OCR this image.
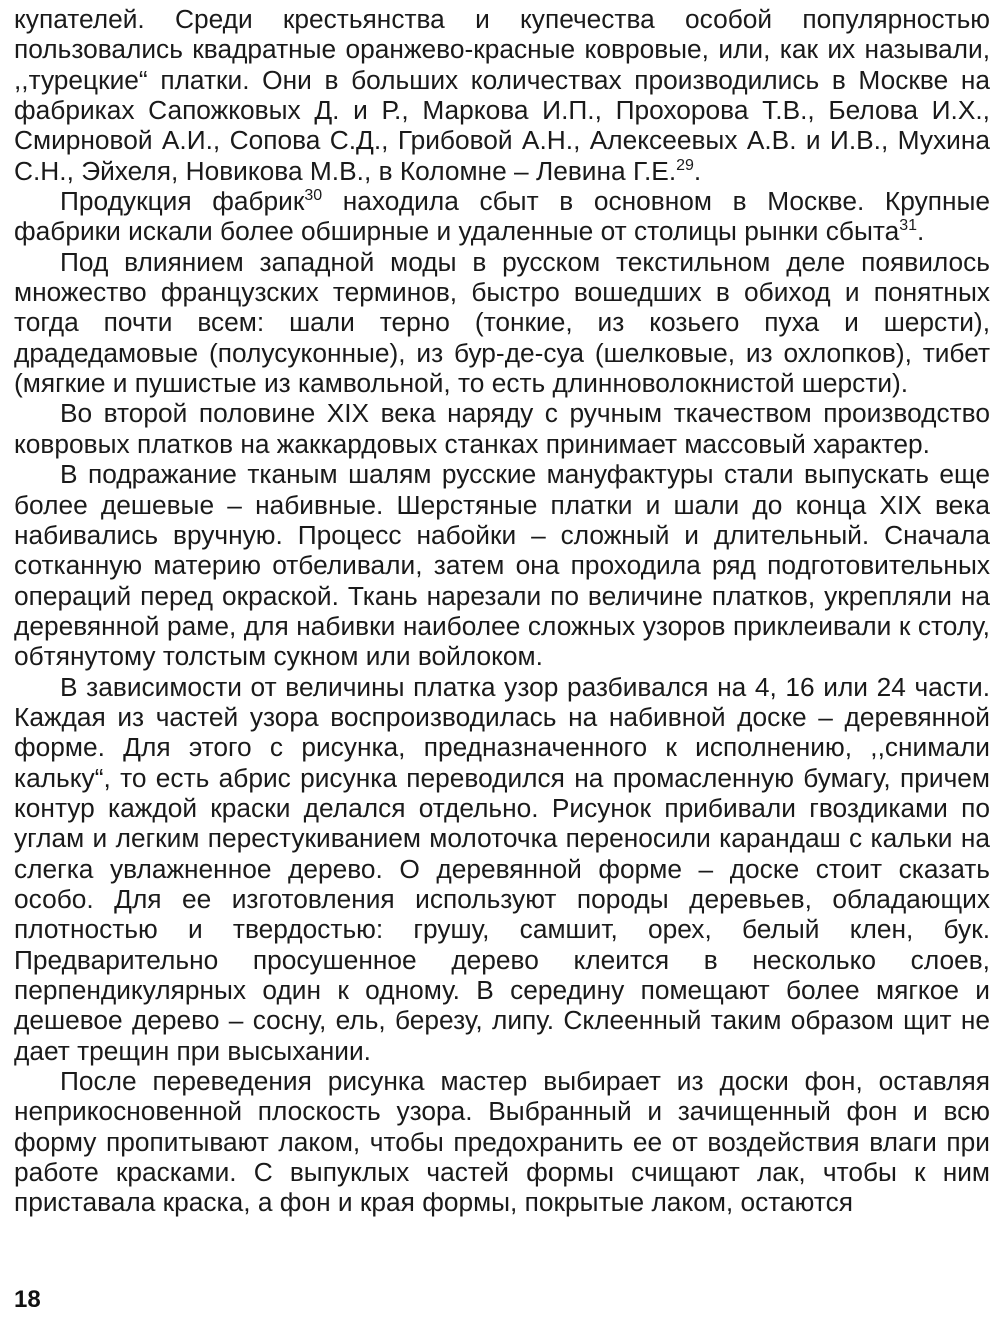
купателей. Среди крестьянства и купечества особой популярностью пользовались квадратные оранжево-красные ковровые, или, как их называли, ,,турецкие“ платки. Они в больших количествах производились в Москве на фабриках Сапожковых Д. и Р., Маркова И.П., Прохорова Т.В., Белова И.Х., Смирновой А.И., Сопова С.Д., Грибовой А.Н., Алексеевых А.В. и И.В., Мухина С.Н., Эйхеля, Новикова М.В., в Коломне – Левина Г.Е.$^{29}$.

Продукция фабрик$^{30}$ находила сбыт в основном в Москве. Крупные фабрики искали более обширные и удаленные от столицы рынки сбыта$^{31}$.

Под влиянием западной моды в русском текстильном деле появилось множество французских терминов, быстро вошедших в обиход и понятных тогда почти всем: шали терно (тонкие, из козьего пуха и шерсти), драдедамовые (полусуконные), из бур-де-суа (шелковые, из охлопков), тибет (мягкие и пушистые из камвольной, то есть длинноволокнистой шерсти).

Во второй половине XIX века наряду с ручным ткачеством производство ковровых платков на жаккардовых станках принимает массовый характер.

В подражание тканым шалям русские мануфактуры стали выпускать еще более дешевые – набивные. Шерстяные платки и шали до конца XIX века набивались вручную. Процесс набойки – сложный и длительный. Сначала сотканную материю отбеливали, затем она проходила ряд подготовительных операций перед окраской. Ткань нарезали по величине платков, укрепляли на деревянной раме, для набивки наиболее сложных узоров приклеивали к столу, обтянутому толстым сукном или войлоком.

В зависимости от величины платка узор разбивался на 4, 16 или 24 части. Каждая из частей узора воспроизводилась на набивной доске – деревянной форме. Для этого с рисунка, предназначенного к исполнению, ,,снимали кальку“, то есть абрис рисунка переводился на промасленную бумагу, причем контур каждой краски делался отдельно. Рисунок прибивали гвоздиками по углам и легким перестукиванием молоточка переносили карандаш с кальки на слегка увлажненное дерево. О деревянной форме – доске стоит сказать особо. Для ее изготовления используют породы деревьев, обладающих плотностью и твердостью: грушу, самшит, орех, белый клен, бук. Предварительно просушенное дерево клеится в несколько слоев, перпендикулярных один к одному. В середину помещают более мягкое и дешевое дерево – сосну, ель, березу, липу. Склеенный таким образом щит не дает трещин при высыхании.

После переведения рисунка мастер выбирает из доски фон, оставляя неприкосновенной плоскость узора. Выбранный и зачищенный фон и всю форму пропитывают лаком, чтобы предохранить ее от воздействия влаги при работе красками. С выпуклых частей формы счищают лак, чтобы к ним приставала краска, а фон и края формы, покрытые лаком, остаются

18
